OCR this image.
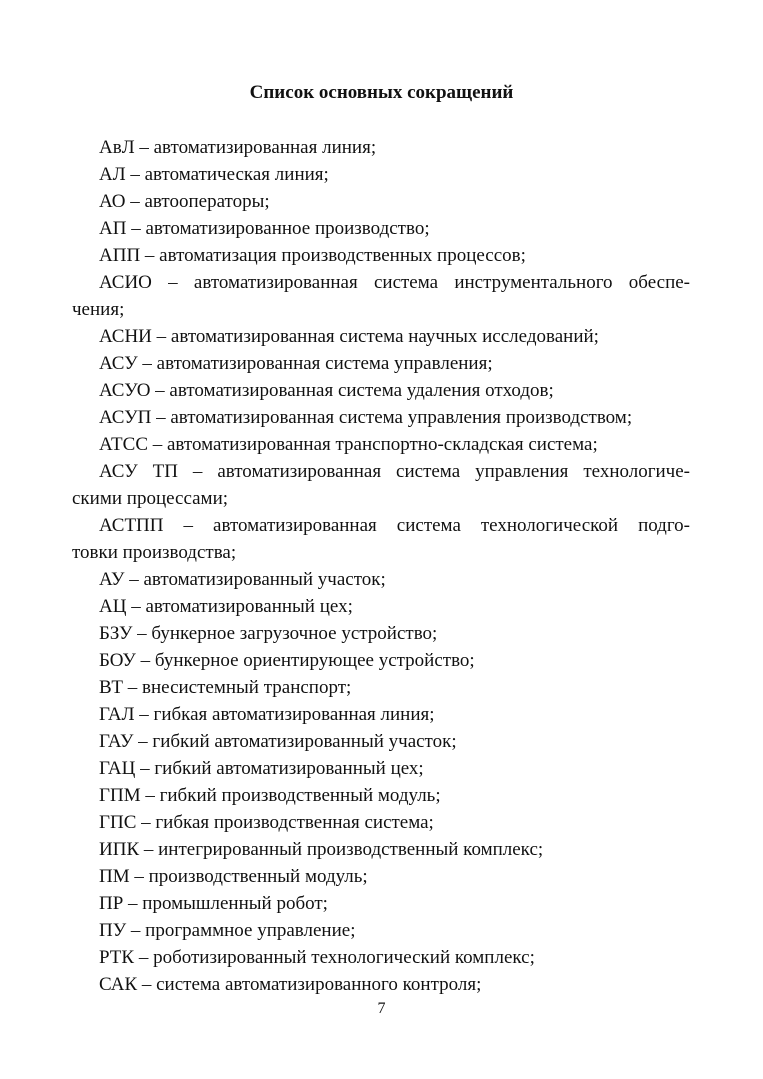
Список основных сокращений
АвЛ – автоматизированная линия;
АЛ – автоматическая линия;
АО – автооператоры;
АП – автоматизированное производство;
АПП – автоматизация производственных процессов;
АСИО – автоматизированная система инструментального обеспе-
чения;
АСНИ – автоматизированная система научных исследований;
АСУ – автоматизированная система управления;
АСУО – автоматизированная система удаления отходов;
АСУП – автоматизированная система управления производством;
АТСС – автоматизированная транспортно-складская система;
АСУ ТП – автоматизированная система управления технологиче-
скими процессами;
АСТПП – автоматизированная система технологической подго-
товки производства;
АУ – автоматизированный участок;
АЦ – автоматизированный цех;
БЗУ – бункерное загрузочное устройство;
БОУ – бункерное ориентирующее устройство;
ВТ – внесистемный транспорт;
ГАЛ – гибкая автоматизированная линия;
ГАУ – гибкий автоматизированный участок;
ГАЦ – гибкий автоматизированный цех;
ГПМ – гибкий производственный модуль;
ГПС – гибкая производственная система;
ИПК – интегрированный производственный комплекс;
ПМ – производственный модуль;
ПР – промышленный робот;
ПУ – программное управление;
РТК – роботизированный технологический комплекс;
САК – система автоматизированного контроля;
7
